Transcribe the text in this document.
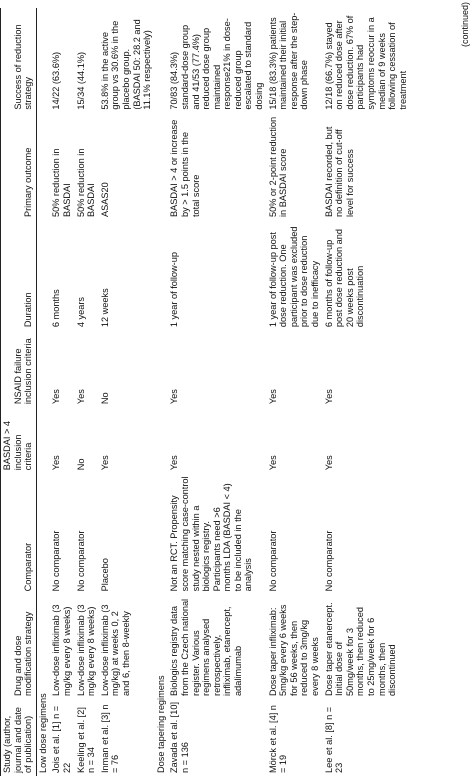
Study (author, journal and date of publication)	Drug and dose modification strategy	Comparator	BASDAI > 4 inclusion criteria	NSAID failure inclusion criteria	Duration	Primary outcome	Success of reduction strategy
Low dose regimens							
Jois et al. [1] n = 22	Low-dose infliximab (3 mg/kg every 8 weeks)	No comparator	Yes	Yes	6 months	50% reduction in BASDAI	14/22 (63.6%)
Keeling et al. [2] n = 34	Low-dose infliximab (3 mg/kg every 8 weeks)	No comparator	No	Yes	4 years	50% reduction in BASDAI	15/34 (44.1%)
Inman et al. [3] n = 76	Low-dose infliximab (3 mg/kg) at weeks 0, 2 and 6, then 8-weekly	Placebo	Yes	No	12 weeks	ASAS20	53.8% in the active group vs 30.6% in the placebo group. (BASDAI 50: 28.2 and 11.1% respectively)
Dose tapering regimens							
Zavada et al. [10] n = 136	Biologics registry data from the Czech national register. Various regimens analysed retrospectively, infliximab, etanercept, adalimumab	Not an RCT. Propensity score matching case-control study nested within a biologics registry. Participants need >6 months LDA (BASDAI < 4) to be included in the analysis	Yes	Yes	1 year of follow-up	BASDAI > 4 or increase by > 1.5 points in the total score	70/83 (84.3%) standard-dose group and 41/53 (77.4%) reduced dose group maintained response21% in dose-reduced group escalated to standard dosing
Mörck et al. [4] n = 19	Dose taper infliximab: 5mg/kg every 6 weeks for 56 weeks, then reduced to 3mg/kg every 8 weeks	No comparator	Yes	Yes	1 year of follow-up post dose reduction. One participant was excluded prior to dose reduction due to inefficacy	50% or 2-point reduction in BASDAI score	15/18 (83.3%) patients maintained their initial response after the step-down phase
Lee et al. [8] n = 23	Dose taper etanercept. Initial dose of 50mg/week for 3 months, then reduced to 25mg/week for 6 months, then discontinued	No comparator	Yes	Yes	6 months of follow-up post dose reduction and 20 weeks post discontinuation	BASDAI recorded, but no definition of cut-off level for success	12/18 (66.7%) stayed on reduced dose after dose reduction. 67% of participants had symptoms reoccur in a median of 9 weeks following cessation of treatment
(continued)
